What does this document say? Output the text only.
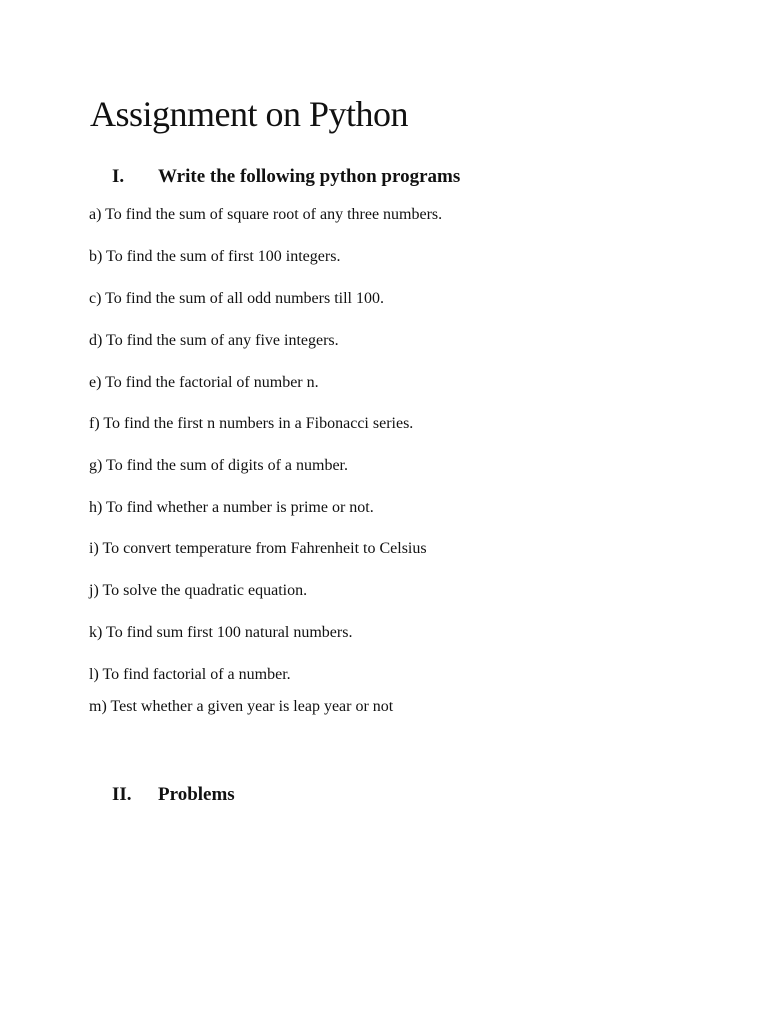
Assignment on Python
I. Write the following python programs
a) To find the sum of square root of any three numbers.
b) To find the sum of first 100 integers.
c) To find the sum of all odd numbers till 100.
d) To find the sum of any five integers.
e) To find the factorial of number n.
f) To find the first n numbers in a Fibonacci series.
g) To find the sum of digits of a number.
h) To find whether a number is prime or not.
i) To convert temperature from Fahrenheit to Celsius
j) To solve the quadratic equation.
k) To find sum first 100 natural numbers.
l) To find factorial of a number.
m) Test whether a given year is leap year or not
II. Problems
